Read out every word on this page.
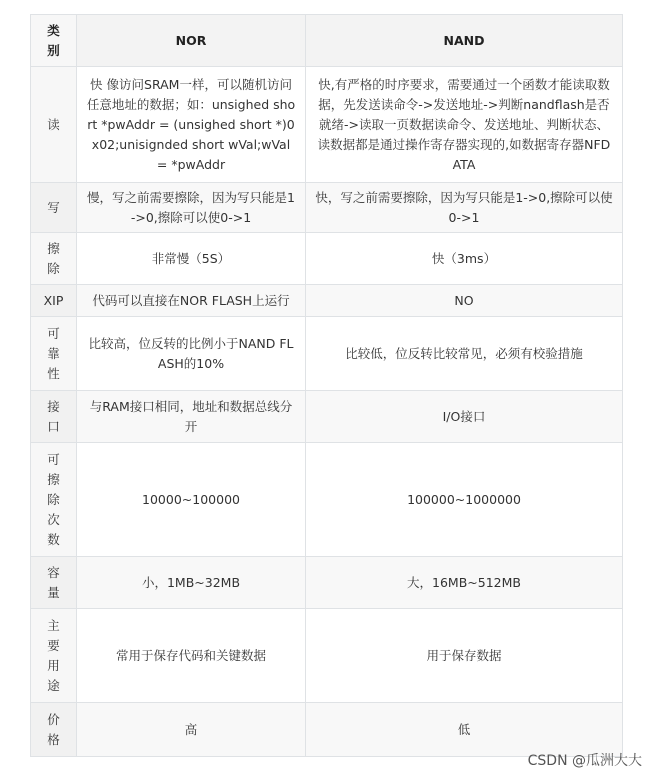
类别	NOR	NAND
读	快 像访问SRAM一样，可以随机访问任意地址的数据；如：unsighed short *pwAddr = (unsighed short *)0x02;unisignded short wVal;wVal = *pwAddr	快,有严格的时序要求，需要通过一个函数才能读取数据，先发送读命令->发送地址->判断nandflash是否就绪->读取一页数据读命令、发送地址、判断状态、读数据都是通过操作寄存器实现的,如数据寄存器NFDATA
写	慢，写之前需要擦除，因为写只能是1->0,擦除可以使0->1	快，写之前需要擦除，因为写只能是1->0,擦除可以使0->1
擦除	非常慢（5S）	快（3ms）
XIP	代码可以直接在NOR FLASH上运行	NO
可靠性	比较高，位反转的比例小于NAND FLASH的10%	比较低，位反转比较常见，必须有校验措施
接口	与RAM接口相同，地址和数据总线分开	I/O接口
可擦除次数	10000~100000	100000~1000000
容量	小，1MB~32MB	大，16MB~512MB
主要用途	常用于保存代码和关键数据	用于保存数据
价格	高	低
CSDN @瓜洲大大
